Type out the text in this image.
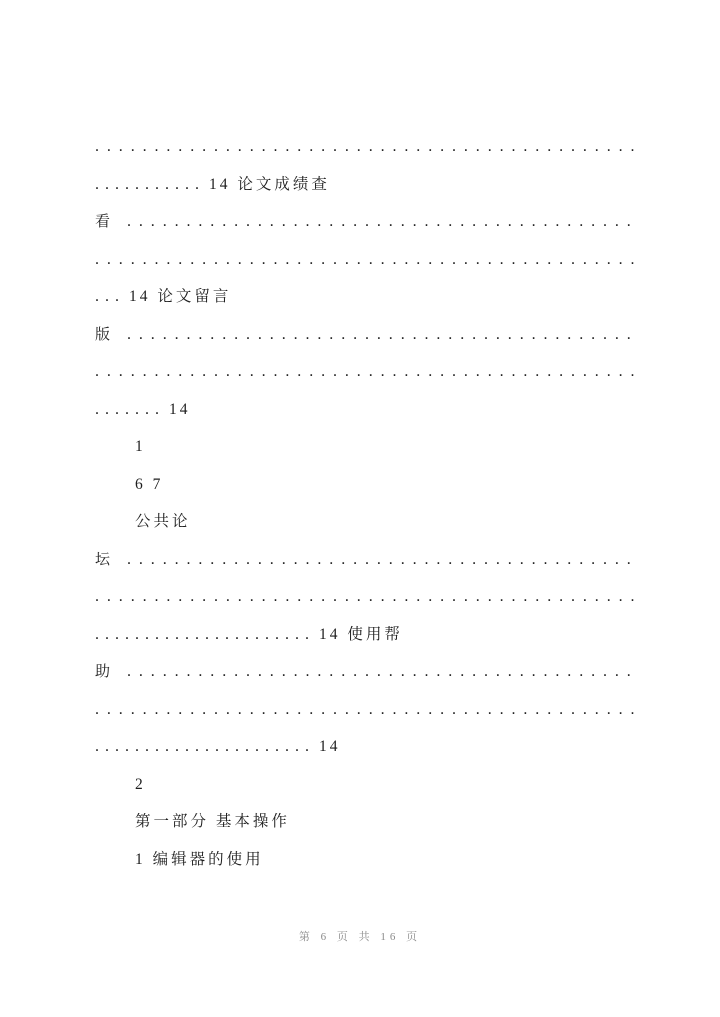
..............................................
........... 14 论文成绩查
看 ...........................................
..............................................
... 14 论文留言
版 ...........................................
..............................................
....... 14
1
6 7
公共论
坛 ...........................................
..............................................
...................... 14 使用帮
助 ...........................................
..............................................
...................... 14
2
第一部分 基本操作
1 编辑器的使用
第 6 页 共 16 页
